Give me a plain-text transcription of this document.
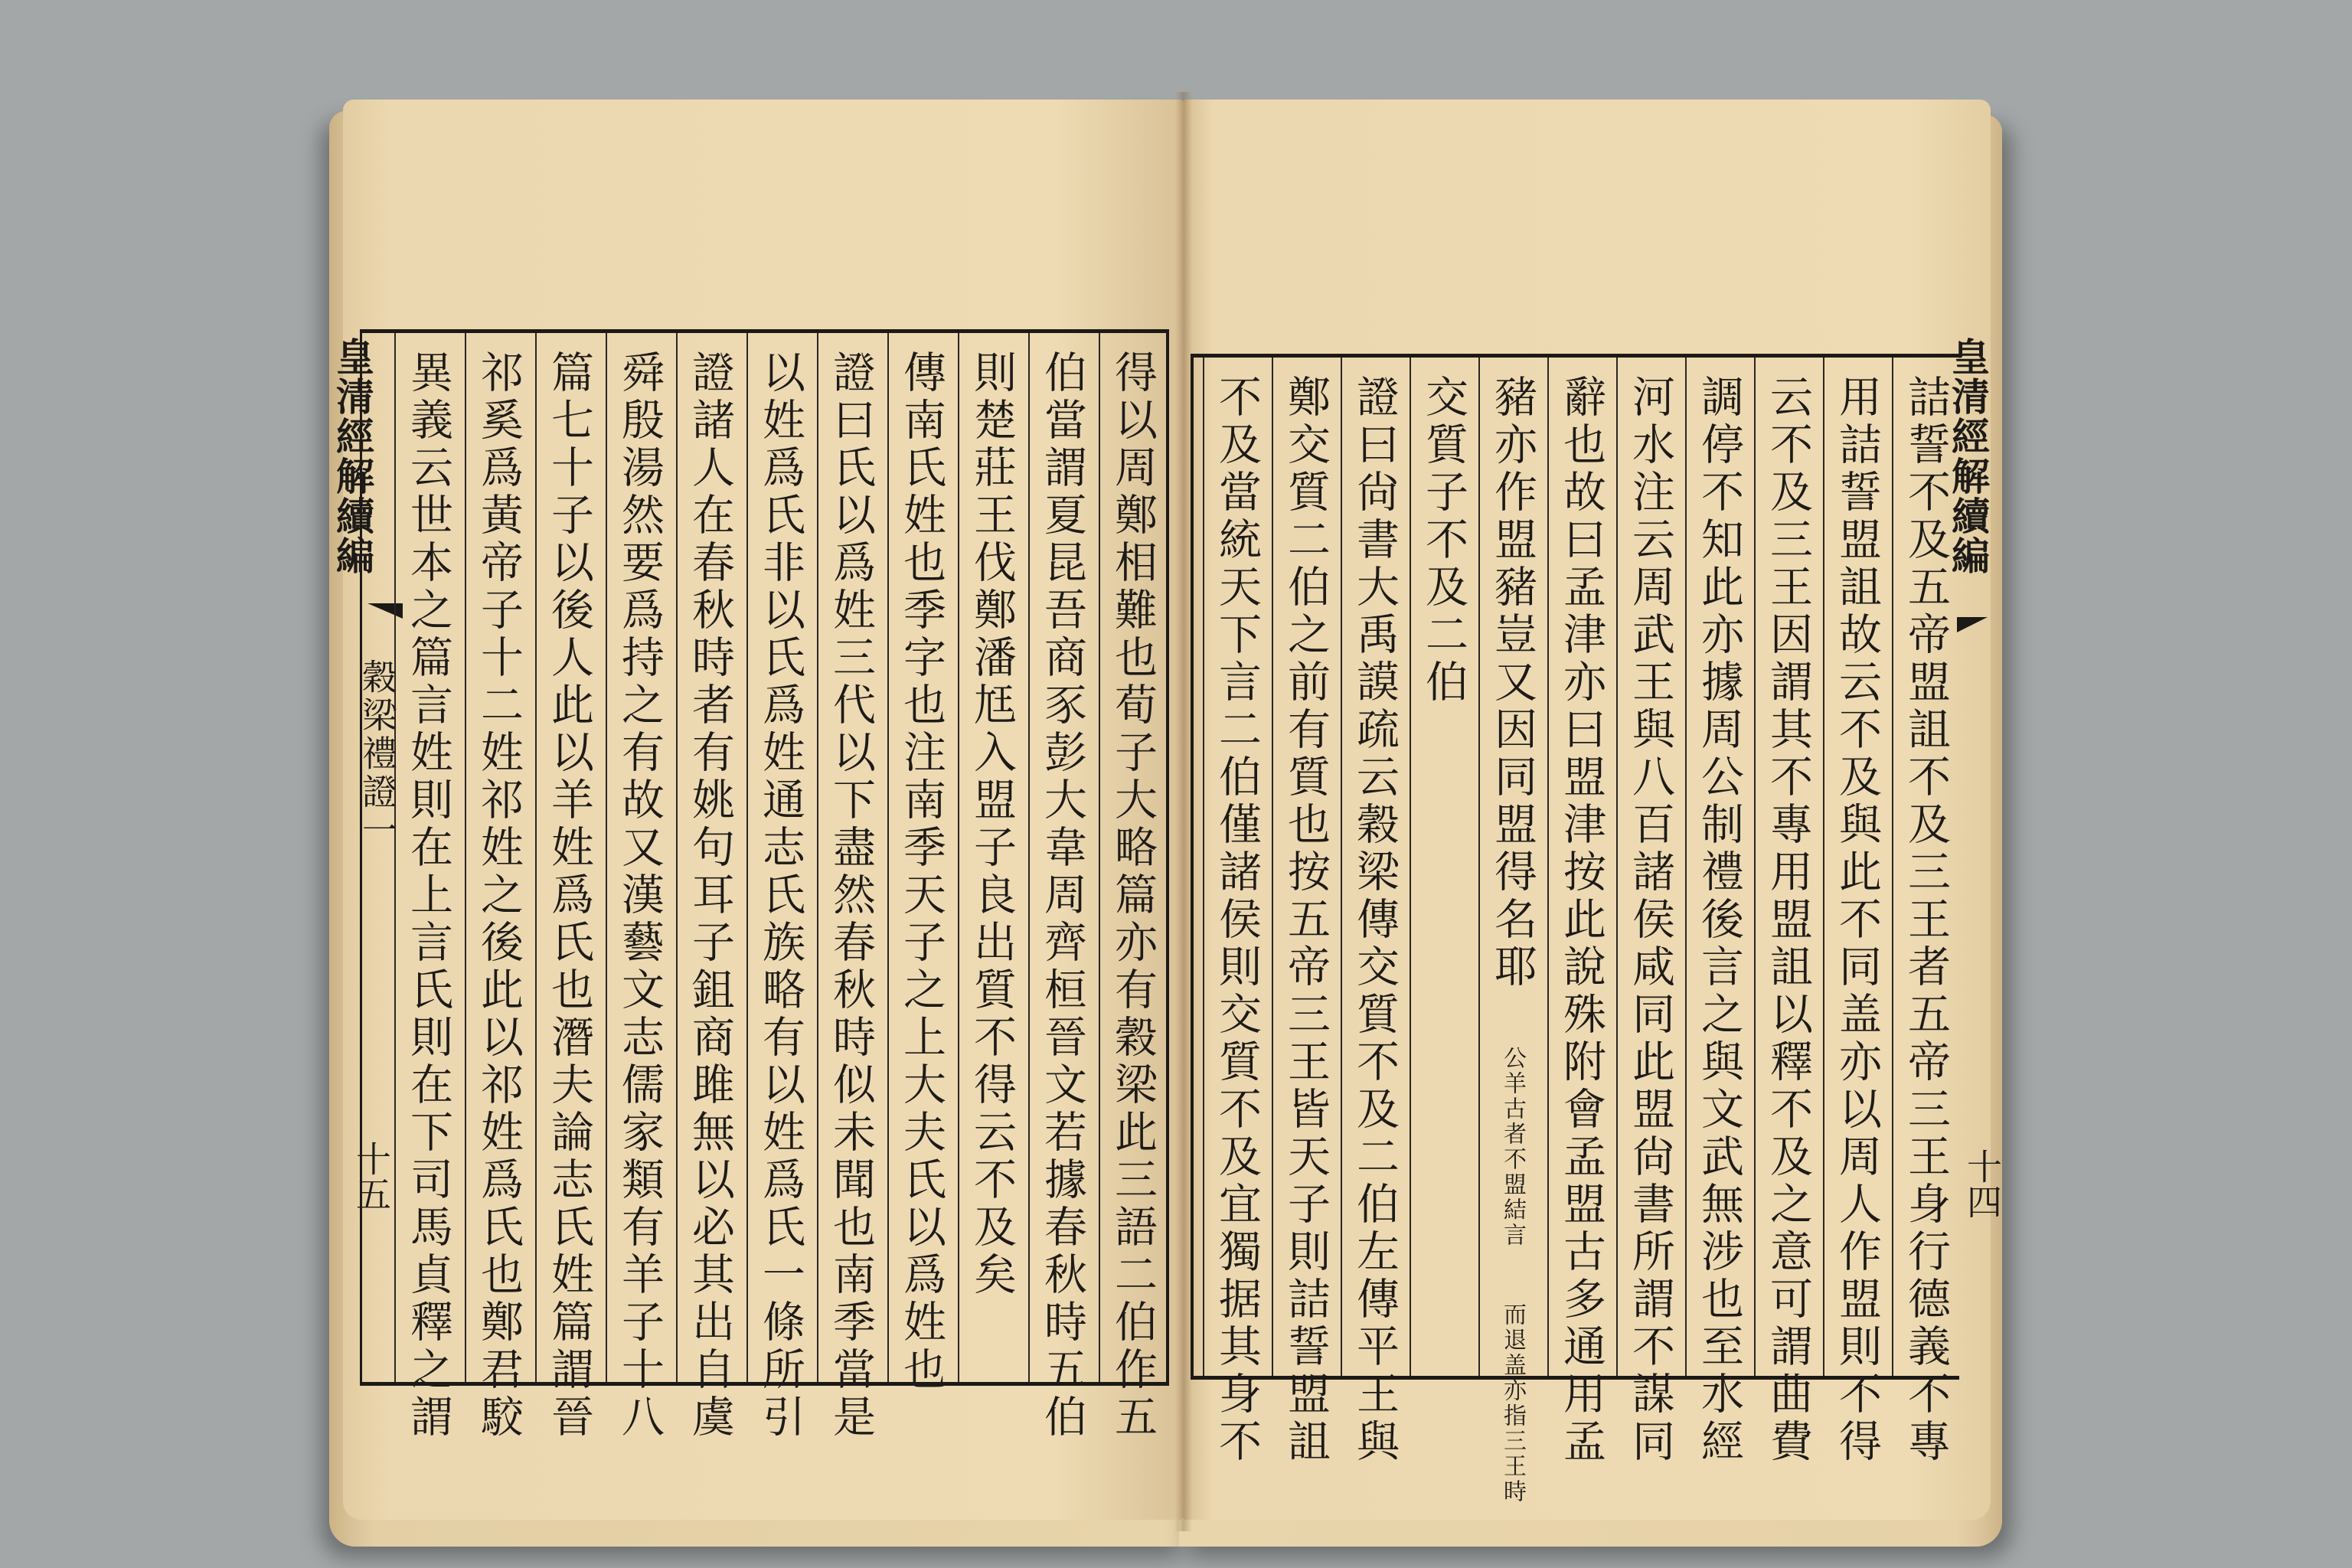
皇清經解續編
穀梁禮證一
十五	得以周鄭相難也荀子大略篇亦有穀梁此三語二伯作五
伯當謂夏昆吾商豕彭大韋周齊桓晉文若據春秋時五伯
則楚莊王伐鄭潘尪入盟子良出質不得云不及矣
傳南氏姓也季字也注南季天子之上大夫氏以爲姓也
證曰氏以爲姓三代以下盡然春秋時似未聞也南季當是
以姓爲氏非以氏爲姓通志氏族略有以姓爲氏一條所引
證諸人在春秋時者有姚句耳子鉏商雎無以必其出自虞
舜殷湯然要爲持之有故又漢藝文志儒家類有羊子十八
篇七十子以後人此以羊姓爲氏也潛夫論志氏姓篇謂晉
祁奚爲黃帝子十二姓祁姓之後此以祁姓爲氏也鄭君駮
異義云世本之篇言姓則在上言氏則在下司馬貞釋之謂	皇清經解續編
十四
詰誓不及五帝盟詛不及三王者五帝三王身行德義不專
用詰誓盟詛故云不及與此不同盖亦以周人作盟則不得
云不及三王因謂其不專用盟詛以釋不及之意可謂曲費
調停不知此亦據周公制禮後言之與文武無涉也至水經
河水注云周武王與八百諸侯咸同此盟尙書所謂不謀同
辭也故曰孟津亦曰盟津按此說殊附會孟盟古多通用孟
豬亦作盟豬豈又因同盟得名耶 公羊古者不盟結言 而退盖亦指三王時
交質子不及二伯
證曰尙書大禹謨疏云穀梁傳交質不及二伯左傳平王與
鄭交質二伯之前有質也按五帝三王皆天子則詰誓盟詛
不及當統天下言二伯僅諸侯則交質不及宜獨据其身不
